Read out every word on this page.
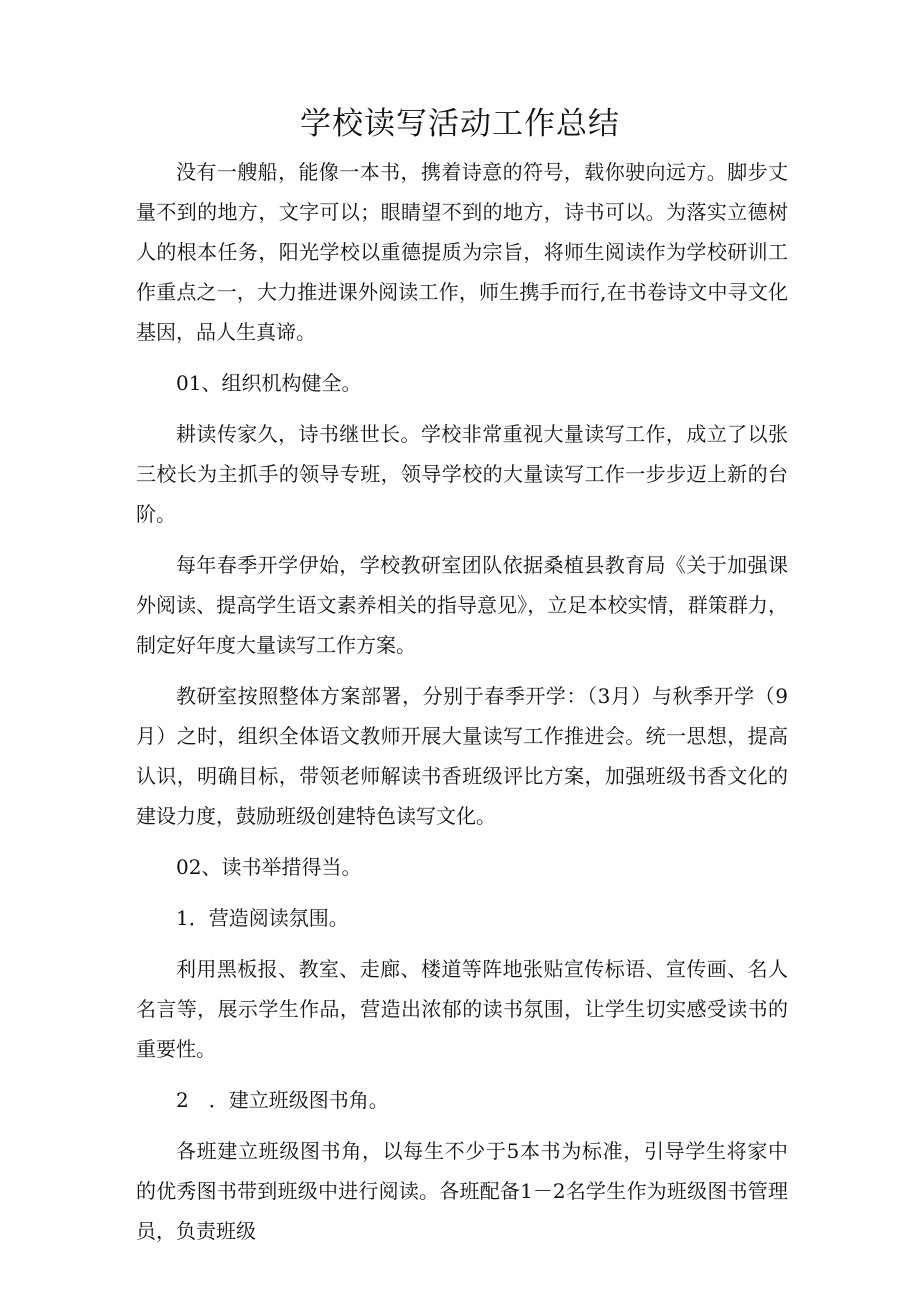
学校读写活动工作总结

没有一艘船，能像一本书，携着诗意的符号，载你驶向远方。脚步丈量不到的地方，文字可以；眼睛望不到的地方，诗书可以。为落实立德树人的根本任务，阳光学校以重德提质为宗旨，将师生阅读作为学校研训工作重点之一，大力推进课外阅读工作，师生携手而行,在书卷诗文中寻文化基因，品人生真谛。

01、组织机构健全。

耕读传家久，诗书继世长。学校非常重视大量读写工作，成立了以张三校长为主抓手的领导专班，领导学校的大量读写工作一步步迈上新的台阶。

每年春季开学伊始，学校教研室团队依据桑植县教育局《关于加强课外阅读、提高学生语文素养相关的指导意见》，立足本校实情，群策群力，制定好年度大量读写工作方案。

教研室按照整体方案部署，分别于春季开学：（3月）与秋季开学（9月）之时，组织全体语文教师开展大量读写工作推进会。统一思想，提高认识，明确目标，带领老师解读书香班级评比方案，加强班级书香文化的建设力度，鼓励班级创建特色读写文化。

02、读书举措得当。

1．营造阅读氛围。

利用黑板报、教室、走廊、楼道等阵地张贴宣传标语、宣传画、名人名言等，展示学生作品，营造出浓郁的读书氛围，让学生切实感受读书的重要性。

2　．建立班级图书角。

各班建立班级图书角，以每生不少于5本书为标准，引导学生将家中的优秀图书带到班级中进行阅读。各班配备1－2名学生作为班级图书管理员，负责班级
